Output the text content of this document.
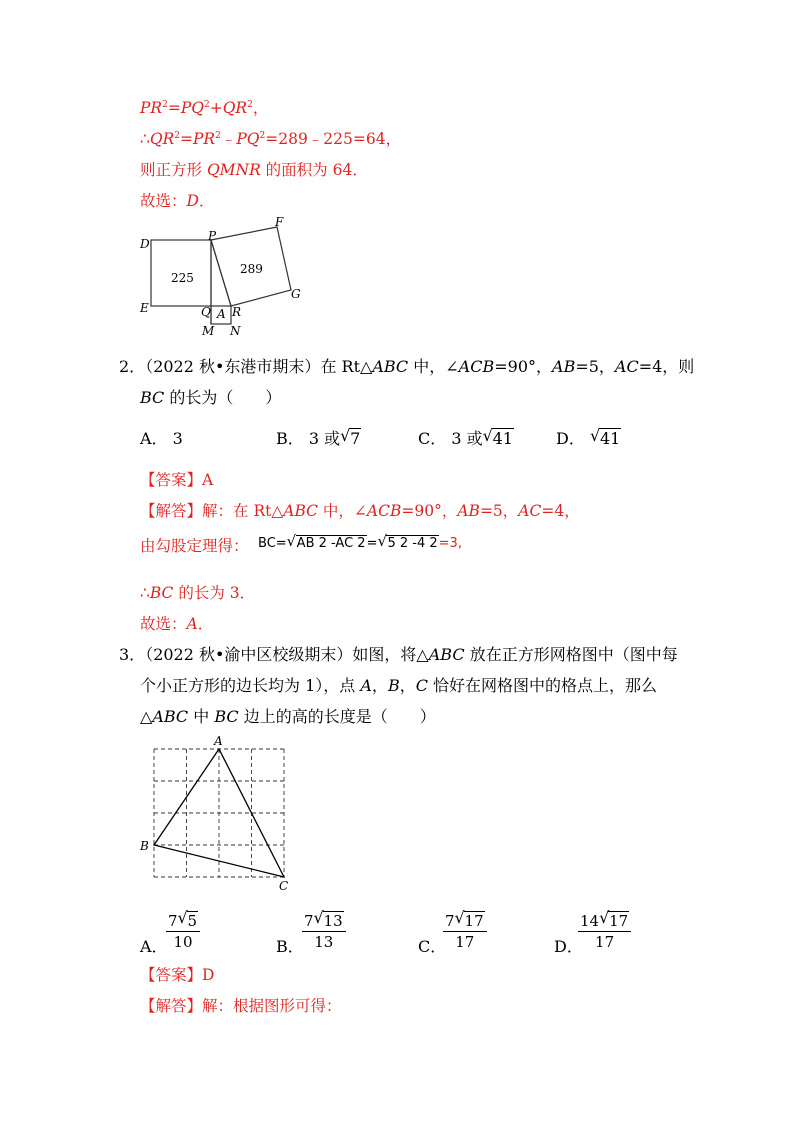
$PR^2=PQ^2+QR^2$，
$\therefore QR^2=PR^2﹣PQ^2=289﹣225=64$，
则正方形 QMNR 的面积为 64．
故选：D．
D
P
F
G
E	Q A R
M N
225
289
2．（2022 秋•东港市期末）在 Rt△ABC 中，∠ACB=90°，AB=5，AC=4，则
BC 的长为（　　）
A． 3	B． 3 或 √ 7	C． 3 或 √ 41	D． √ 41
【答案】A
【解答】解：在 Rt△ABC 中，∠ACB=90°，AB=5，AC=4，
由勾股定理得： BC= √ AB 2 -AC 2= √ 5 2 -4 2=3,
∴BC 的长为 3．
故选：A．
3．（2022 秋•渝中区校级期末）如图，将△ABC 放在正方形网格图中（图中每
个小正方形的边长均为 1），点 A，B，C 恰好在网格图中的格点上，那么
△ABC 中 BC 边上的高的长度是（　　）
A
B
C
A．
$\frac{7 √ 5}{10}$	B．
$\frac{7 √ 13}{13}$	C．
$\frac{7 √ 17}{17}$	D．
$\frac{14 √ 17}{17}$
【答案】D
【解答】解：根据图形可得：
